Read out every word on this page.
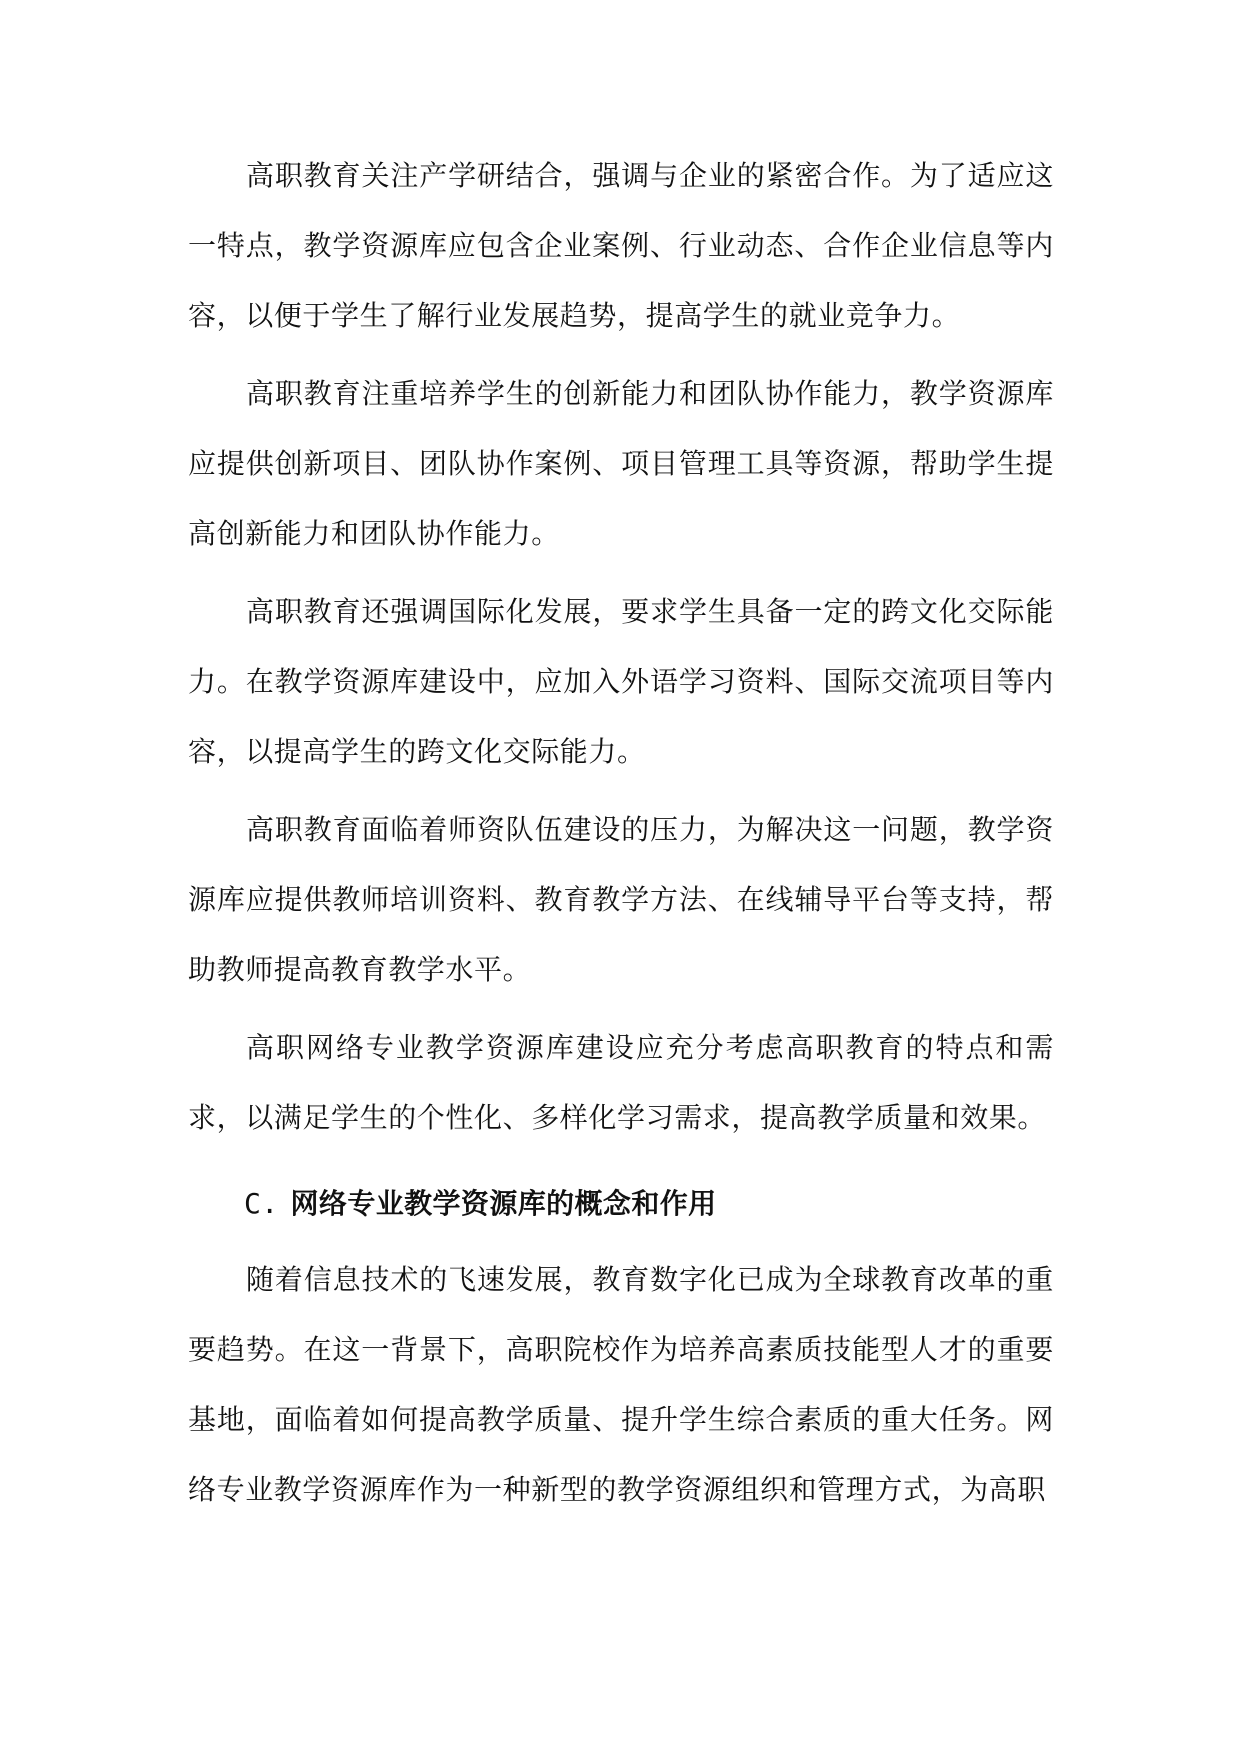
高职教育关注产学研结合，强调与企业的紧密合作。为了适应这一特点，教学资源库应包含企业案例、行业动态、合作企业信息等内容，以便于学生了解行业发展趋势，提高学生的就业竞争力。

高职教育注重培养学生的创新能力和团队协作能力，教学资源库应提供创新项目、团队协作案例、项目管理工具等资源，帮助学生提高创新能力和团队协作能力。

高职教育还强调国际化发展，要求学生具备一定的跨文化交际能力。在教学资源库建设中，应加入外语学习资料、国际交流项目等内容，以提高学生的跨文化交际能力。

高职教育面临着师资队伍建设的压力，为解决这一问题，教学资源库应提供教师培训资料、教育教学方法、在线辅导平台等支持，帮助教师提高教育教学水平。

高职网络专业教学资源库建设应充分考虑高职教育的特点和需求，以满足学生的个性化、多样化学习需求，提高教学质量和效果。

C. 网络专业教学资源库的概念和作用

随着信息技术的飞速发展，教育数字化已成为全球教育改革的重要趋势。在这一背景下，高职院校作为培养高素质技能型人才的重要基地，面临着如何提高教学质量、提升学生综合素质的重大任务。网络专业教学资源库作为一种新型的教学资源组织和管理方式，为高职
